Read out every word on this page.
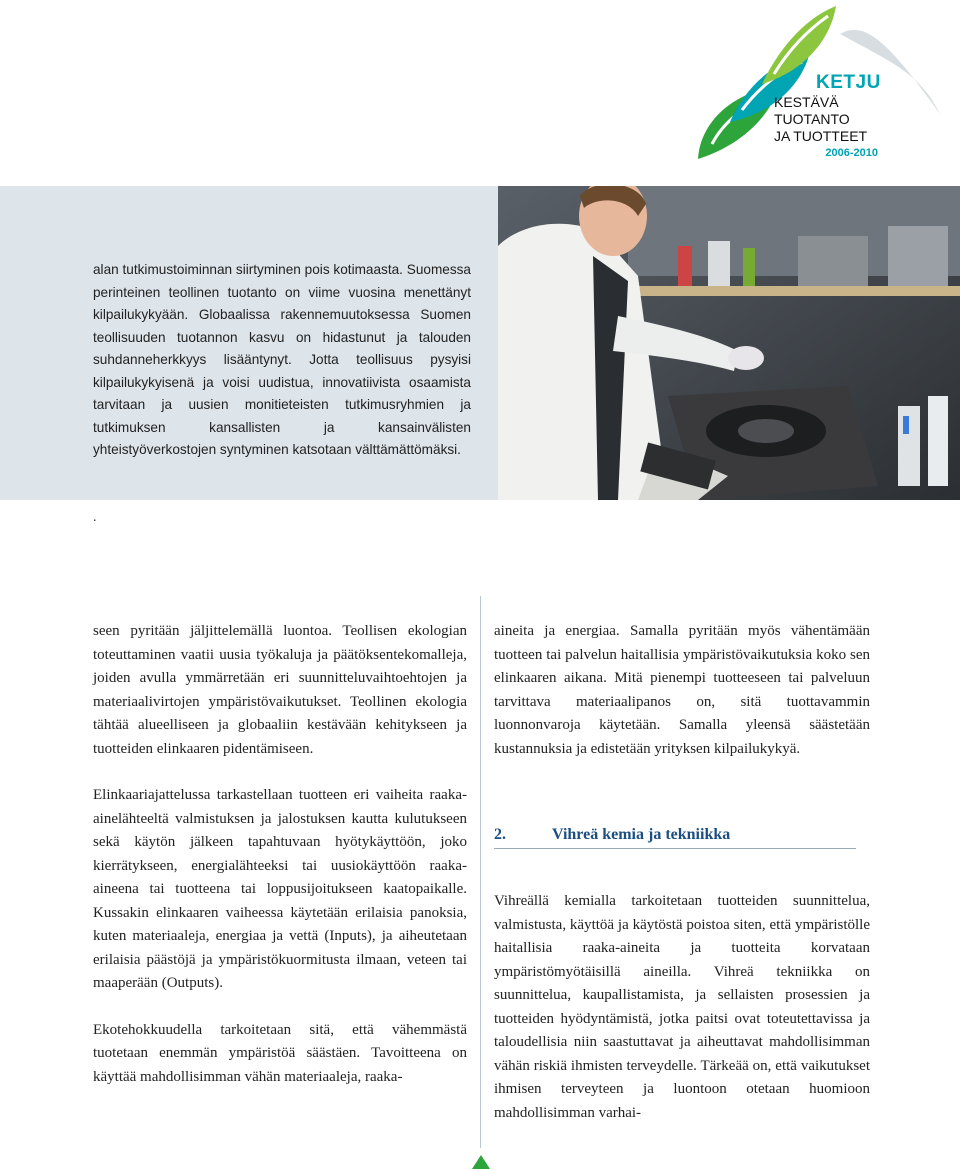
KETJU
KESTÄVÄ
TUOTANTO
JA TUOTTEET
2006-2010
alan tutkimustoiminnan siirtyminen pois kotimaasta. Suomessa perinteinen teollinen tuotanto on viime vuosina menettänyt kilpailukykyään. Globaalissa rakennemuutoksessa Suomen teollisuuden tuotannon kasvu on hidastunut ja talouden suhdanneherkkyys lisääntynyt. Jotta teollisuus pysyisi kilpailukykyisenä ja voisi uudistua, innovatiivista osaamista tarvitaan ja uusien monitieteisten tutkimusryhmien ja tutkimuksen kansallisten ja kansainvälisten yhteistyöverkostojen syntyminen katsotaan välttämättömäksi.
.

seen pyritään jäljittelemällä luontoa. Teollisen ekologian toteuttaminen vaatii uusia työkaluja ja päätöksentekomalleja, joiden avulla ymmärretään eri suunnitteluvaihtoehtojen ja materiaalivirtojen ympäristövaikutukset. Teollinen ekologia tähtää alueelliseen ja globaaliin kestävään kehitykseen ja tuotteiden elinkaaren pidentämiseen.

Elinkaariajattelussa tarkastellaan tuotteen eri vaiheita raaka-ainelähteeltä valmistuksen ja jalostuksen kautta kulutukseen sekä käytön jälkeen tapahtuvaan hyötykäyttöön, joko kierrätykseen, energialähteeksi tai uusiokäyttöön raaka-aineena tai tuotteena tai loppusijoitukseen kaatopaikalle. Kussakin elinkaaren vaiheessa käytetään erilaisia panoksia, kuten materiaaleja, energiaa ja vettä (Inputs), ja aiheutetaan erilaisia päästöjä ja ympäristökuormitusta ilmaan, veteen tai maaperään (Outputs).

Ekotehokkuudella tarkoitetaan sitä, että vähemmästä tuotetaan enemmän ympäristöä säästäen. Tavoitteena on käyttää mahdollisimman vähän materiaaleja, raaka-

aineita ja energiaa. Samalla pyritään myös vähentämään tuotteen tai palvelun haitallisia ympäristövaikutuksia koko sen elinkaaren aikana. Mitä pienempi tuotteeseen tai palveluun tarvittava materiaalipanos on, sitä tuottavammin luonnonvaroja käytetään. Samalla yleensä säästetään kustannuksia ja edistetään yrityksen kilpailukykyä.

2.	Vihreä kemia ja tekniikka

Vihreällä kemialla tarkoitetaan tuotteiden suunnittelua, valmistusta, käyttöä ja käytöstä poistoa siten, että ympäristölle haitallisia raaka-aineita ja tuotteita korvataan ympäristömyötäisillä aineilla. Vihreä tekniikka on suunnittelua, kaupallistamista, ja sellaisten prosessien ja tuotteiden hyödyntämistä, jotka paitsi ovat toteutettavissa ja taloudellisia niin saastuttavat ja aiheuttavat mahdollisimman vähän riskiä ihmisten terveydelle. Tärkeää on, että vaikutukset ihmisen terveyteen ja luontoon otetaan huomioon mahdollisimman varhai-
